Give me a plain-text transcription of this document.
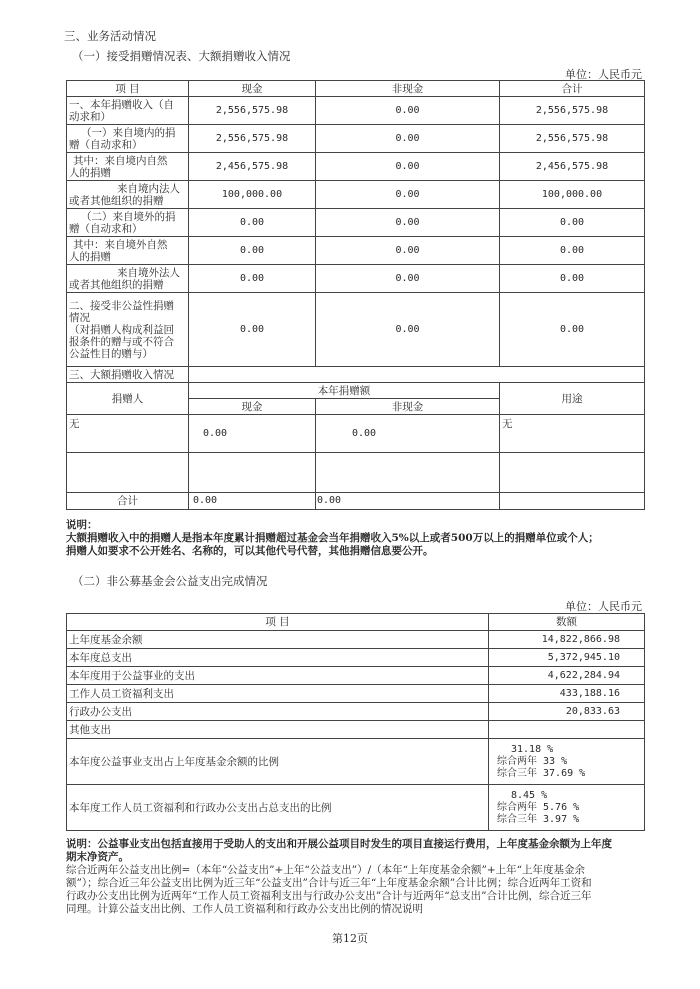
三、业务活动情况
（一）接受捐赠情况表、大额捐赠收入情况
单位：人民币元
项 目	现金	非现金	合计

一、本年捐赠收入（自
动求和）	2,556,575.98	0.00	2,556,575.98

（一）来自境内的捐
赠（自动求和）	2,556,575.98	0.00	2,556,575.98

其中：来自境内自然
人的捐赠	2,456,575.98	0.00	2,456,575.98

来自境内法人
或者其他组织的捐赠	100,000.00	0.00	100,000.00

（二）来自境外的捐
赠（自动求和）	0.00	0.00	0.00

其中：来自境外自然
人的捐赠	0.00	0.00	0.00

来自境外法人
或者其他组织的捐赠	0.00	0.00	0.00

二、接受非公益性捐赠
情况
（对捐赠人构成利益回
报条件的赠与或不符合
公益性目的赠与）	0.00	0.00	0.00
三、大额捐赠收入情况			
捐赠人	本年捐赠额		用途
	现金	非现金	
无	0.00	0.00	无

合计	0.00	0.00	
说明：
大额捐赠收入中的捐赠人是指本年度累计捐赠超过基金会当年捐赠收入5%以上或者500万以上的捐赠单位或个人；
捐赠人如要求不公开姓名、名称的，可以其他代号代替，其他捐赠信息要公开。
（二）非公募基金会公益支出完成情况
单位：人民币元
项 目	数额
上年度基金余额	14,822,866.98
本年度总支出	5,372,945.10
本年度用于公益事业的支出	4,622,284.94
工作人员工资福利支出	433,188.16
行政办公支出	20,833.63
其他支出	
本年度公益事业支出占上年度基金余额的比例	31.18 %
综合两年 33 %
综合三年 37.69 %

本年度工作人员工资福利和行政办公支出占总支出的比例	8.45 %
综合两年 5.76 %
综合三年 3.97 %
说明：公益事业支出包括直接用于受助人的支出和开展公益项目时发生的项目直接运行费用，上年度基金余额为上年度
期末净资产。
综合近两年公益支出比例=（本年“公益支出”+上年“公益支出”）/（本年“上年度基金余额”+上年“上年度基金余
额”）；综合近三年公益支出比例为近三年“公益支出”合计与近三年“上年度基金余额”合计比例；综合近两年工资和
行政办公支出比例为近两年“工作人员工资福利支出与行政办公支出”合计与近两年“总支出”合计比例，综合近三年
同理。计算公益支出比例、工作人员工资福利和行政办公支出比例的情况说明
第12页
